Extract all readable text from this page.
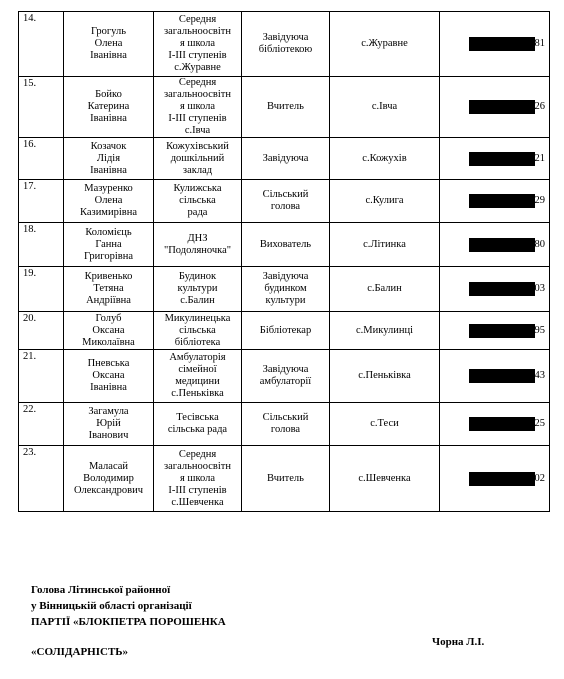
14.	Грогуль
Олена
Іванівна	Середня
загальноосвітн
я школа
І-ІІІ ступенів
с.Журавне	Завідуюча
бібліотекою	с.Журавне	81

15.	Бойко
Катерина
Іванівна	Середня
загальноосвітн
я школа
І-ІІІ ступенів
с.Івча	Вчитель	с.Івча	26

16.	Козачок
Лідія
Іванівна	Кожухівський
дошкільний
заклад	Завідуюча	с.Кожухів	21

17.	Мазуренко
Олена
Казимирівна	Кулижська
сільська
рада	Сільський
голова	с.Кулига	29

18.	Коломієць
Ганна
Григорівна	ДНЗ
"Подоляночка"	Вихователь	с.Літинка	80

19.	Кривенько
Тетяна
Андріївна	Будинок
культури
с.Балин	Завідуюча
будинком
культури	с.Балин	03

20.	Голуб
Оксана
Миколаївна	Микулинецька
сільська
бібліотека	Бібліотекар	с.Микулинці	95

21.	Пневська
Оксана
Іванівна	Амбулаторія
сімейної
медицини
с.Пеньківка	Завідуюча
амбулаторії	с.Пеньківка	43

22.	Загамула
Юрій
Іванович	Тесівська
сільська рада	Сільський
голова	с.Теси	25

23.	Маласай
Володимир
Олександрович	Середня
загальноосвітн
я школа
І-ІІІ ступенів
с.Шевченка	Вчитель	с.Шевченка	02
Голова Літинської районної
у Вінницькій області організації
ПАРТІЇ «БЛОКПЕТРА ПОРОШЕНКА
«СОЛІДАРНІСТЬ»
Чорна Л.І.
